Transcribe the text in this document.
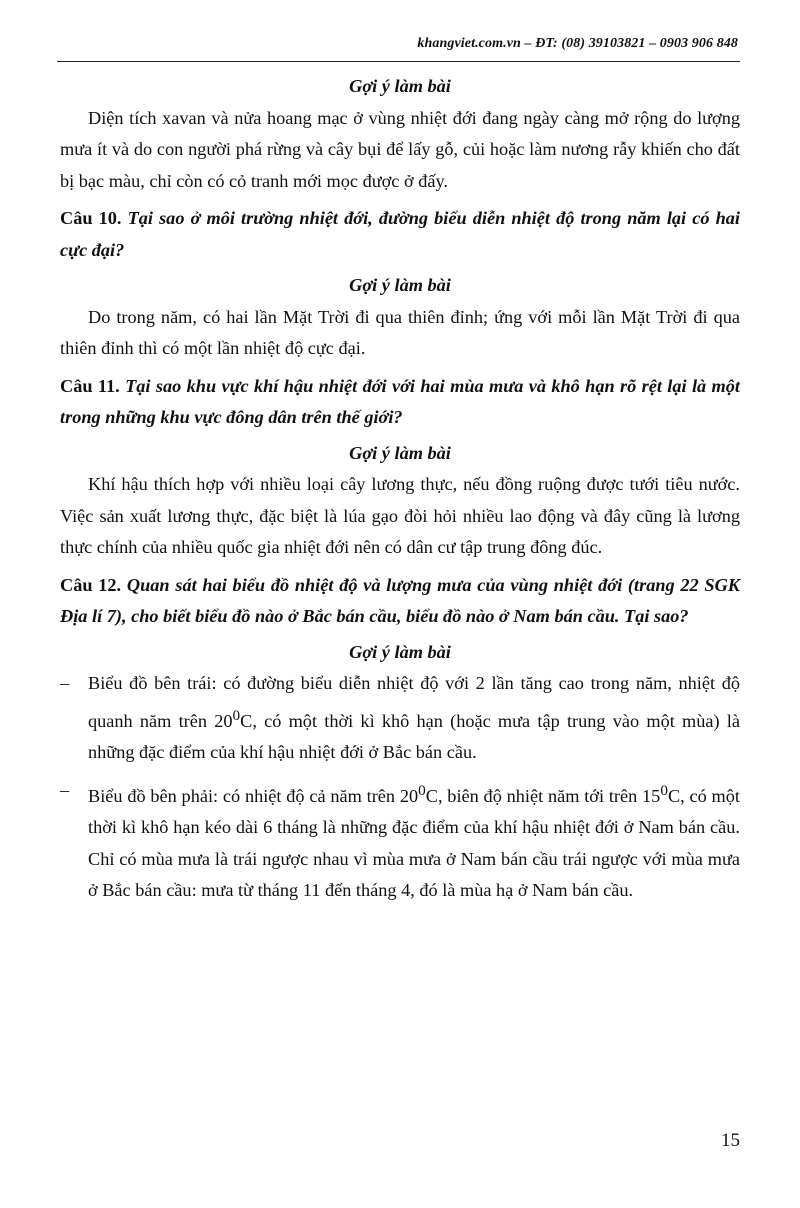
khangviet.com.vn – ĐT: (08) 39103821 – 0903 906 848

Gợi ý làm bài

Diện tích xavan và nửa hoang mạc ở vùng nhiệt đới đang ngày càng mở rộng do lượng mưa ít và do con người phá rừng và cây bụi để lấy gỗ, củi hoặc làm nương rẫy khiến cho đất bị bạc màu, chỉ còn có cỏ tranh mới mọc được ở đấy.

Câu 10. Tại sao ở môi trường nhiệt đới, đường biểu diễn nhiệt độ trong năm lại có hai cực đại?

Gợi ý làm bài

Do trong năm, có hai lần Mặt Trời đi qua thiên đỉnh; ứng với mỗi lần Mặt Trời đi qua thiên đỉnh thì có một lần nhiệt độ cực đại.

Câu 11. Tại sao khu vực khí hậu nhiệt đới với hai mùa mưa và khô hạn rõ rệt lại là một trong những khu vực đông dân trên thế giới?

Gợi ý làm bài

Khí hậu thích hợp với nhiều loại cây lương thực, nếu đồng ruộng được tưới tiêu nước. Việc sản xuất lương thực, đặc biệt là lúa gạo đòi hỏi nhiều lao động và đây cũng là lương thực chính của nhiều quốc gia nhiệt đới nên có dân cư tập trung đông đúc.

Câu 12. Quan sát hai biểu đồ nhiệt độ và lượng mưa của vùng nhiệt đới (trang 22 SGK Địa lí 7), cho biết biểu đồ nào ở Bắc bán cầu, biểu đồ nào ở Nam bán cầu. Tại sao?

Gợi ý làm bài

– Biểu đồ bên trái: có đường biểu diễn nhiệt độ với 2 lần tăng cao trong năm, nhiệt độ quanh năm trên $20^0C$, có một thời kì khô hạn (hoặc mưa tập trung vào một mùa) là những đặc điểm của khí hậu nhiệt đới ở Bắc bán cầu.
– Biểu đồ bên phải: có nhiệt độ cả năm trên $20^0C$, biên độ nhiệt năm tới trên $15^0C$, có một thời kì khô hạn kéo dài 6 tháng là những đặc điểm của khí hậu nhiệt đới ở Nam bán cầu. Chỉ có mùa mưa là trái ngược nhau vì mùa mưa ở Nam bán cầu trái ngược với mùa mưa ở Bắc bán cầu: mưa từ tháng 11 đến tháng 4, đó là mùa hạ ở Nam bán cầu.
15
